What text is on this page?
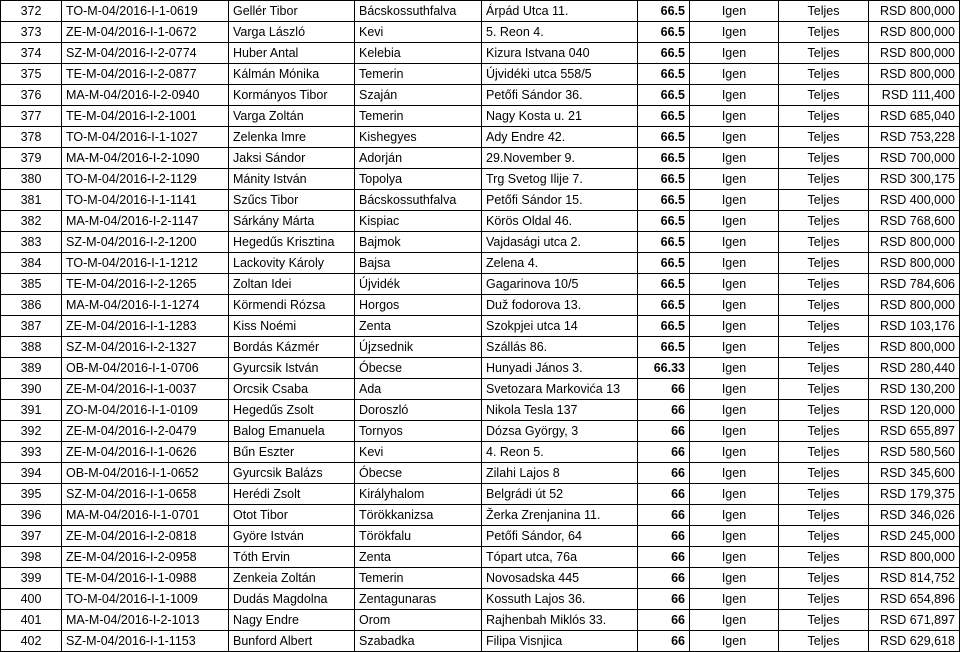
372	TO-M-04/2016-I-1-0619	Gellér Tibor	Bácskossuthfalva	Árpád Utca 11.	66.5	Igen	Teljes	RSD 800,000
373	ZE-M-04/2016-I-1-0672	Varga László	Kevi	5. Reon 4.	66.5	Igen	Teljes	RSD 800,000
374	SZ-M-04/2016-I-2-0774	Huber Antal	Kelebia	Kizura Istvana 040	66.5	Igen	Teljes	RSD 800,000
375	TE-M-04/2016-I-2-0877	Kálmán Mónika	Temerin	Újvidéki utca 558/5	66.5	Igen	Teljes	RSD 800,000
376	MA-M-04/2016-I-2-0940	Kormányos Tibor	Szaján	Petőfi Sándor 36.	66.5	Igen	Teljes	RSD 111,400
377	TE-M-04/2016-I-2-1001	Varga Zoltán	Temerin	Nagy Kosta u. 21	66.5	Igen	Teljes	RSD 685,040
378	TO-M-04/2016-I-1-1027	Zelenka Imre	Kishegyes	Ady Endre 42.	66.5	Igen	Teljes	RSD 753,228
379	MA-M-04/2016-I-2-1090	Jaksi Sándor	Adorján	29.November 9.	66.5	Igen	Teljes	RSD 700,000
380	TO-M-04/2016-I-2-1129	Mánity István	Topolya	Trg Svetog Ilije 7.	66.5	Igen	Teljes	RSD 300,175
381	TO-M-04/2016-I-1-1141	Szűcs Tibor	Bácskossuthfalva	Petőfi Sándor 15.	66.5	Igen	Teljes	RSD 400,000
382	MA-M-04/2016-I-2-1147	Sárkány Márta	Kispiac	Körös Oldal 46.	66.5	Igen	Teljes	RSD 768,600
383	SZ-M-04/2016-I-2-1200	Hegedűs Krisztina	Bajmok	Vajdasági utca 2.	66.5	Igen	Teljes	RSD 800,000
384	TO-M-04/2016-I-1-1212	Lackovity Károly	Bajsa	Zelena 4.	66.5	Igen	Teljes	RSD 800,000
385	TE-M-04/2016-I-2-1265	Zoltan Idei	Újvidék	Gagarinova 10/5	66.5	Igen	Teljes	RSD 784,606
386	MA-M-04/2016-I-1-1274	Körmendi Rózsa	Horgos	Duž fodorova 13.	66.5	Igen	Teljes	RSD 800,000
387	ZE-M-04/2016-I-1-1283	Kiss Noémi	Zenta	Szokpjei utca 14	66.5	Igen	Teljes	RSD 103,176
388	SZ-M-04/2016-I-2-1327	Bordás Kázmér	Újzsednik	Szállás 86.	66.5	Igen	Teljes	RSD 800,000
389	OB-M-04/2016-I-1-0706	Gyurcsik István	Óbecse	Hunyadi János 3.	66.33	Igen	Teljes	RSD 280,440
390	ZE-M-04/2016-I-1-0037	Orcsik Csaba	Ada	Svetozara Markovića 13	66	Igen	Teljes	RSD 130,200
391	ZO-M-04/2016-I-1-0109	Hegedűs Zsolt	Doroszló	Nikola Tesla 137	66	Igen	Teljes	RSD 120,000
392	ZE-M-04/2016-I-2-0479	Balog Emanuela	Tornyos	Dózsa György, 3	66	Igen	Teljes	RSD 655,897
393	ZE-M-04/2016-I-1-0626	Bűn Eszter	Kevi	4. Reon 5.	66	Igen	Teljes	RSD 580,560
394	OB-M-04/2016-I-1-0652	Gyurcsik Balázs	Óbecse	Zilahi Lajos 8	66	Igen	Teljes	RSD 345,600
395	SZ-M-04/2016-I-1-0658	Herédi Zsolt	Királyhalom	Belgrádi út 52	66	Igen	Teljes	RSD 179,375
396	MA-M-04/2016-I-1-0701	Otot Tibor	Törökkanizsa	Žerka Zrenjanina 11.	66	Igen	Teljes	RSD 346,026
397	ZE-M-04/2016-I-2-0818	Györe István	Törökfalu	Petőfi Sándor, 64	66	Igen	Teljes	RSD 245,000
398	ZE-M-04/2016-I-2-0958	Tóth Ervin	Zenta	Tópart utca, 76a	66	Igen	Teljes	RSD 800,000
399	TE-M-04/2016-I-1-0988	Zenkeia Zoltán	Temerin	Novosadska 445	66	Igen	Teljes	RSD 814,752
400	TO-M-04/2016-I-1-1009	Dudás Magdolna	Zentagunaras	Kossuth Lajos 36.	66	Igen	Teljes	RSD 654,896
401	MA-M-04/2016-I-2-1013	Nagy Endre	Orom	Rajhenbah Miklós 33.	66	Igen	Teljes	RSD 671,897
402	SZ-M-04/2016-I-1-1153	Bunford Albert	Szabadka	Filipa Visnjica	66	Igen	Teljes	RSD 629,618
